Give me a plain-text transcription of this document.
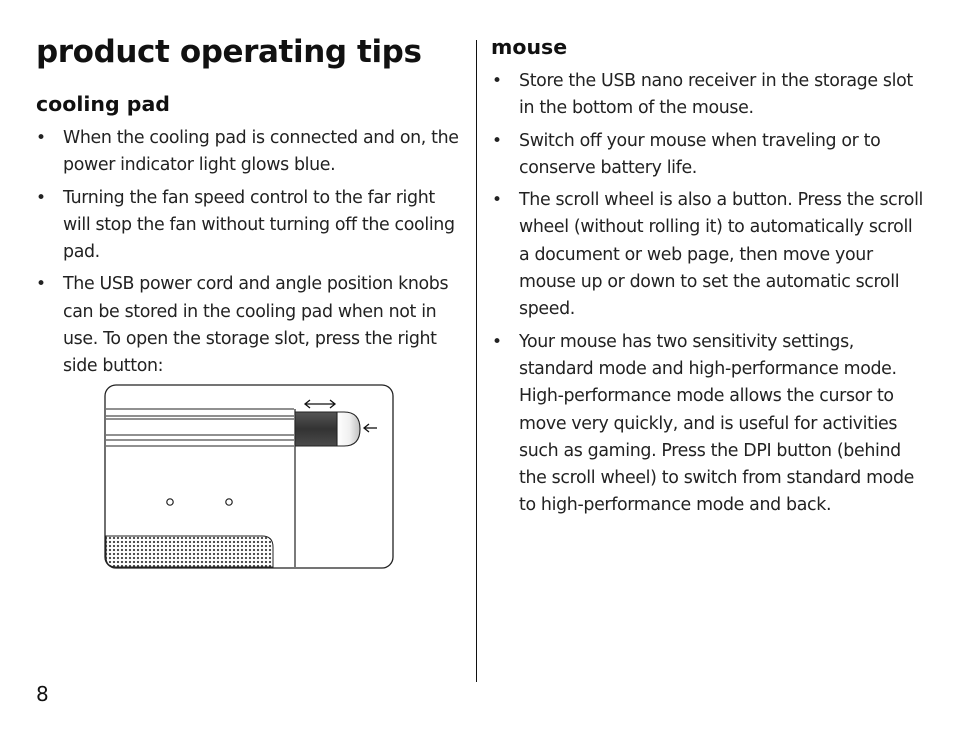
product operating tips
cooling pad
• When the cooling pad is connected and on, the power indicator light glows blue.
• Turning the fan speed control to the far right will stop the fan without turning off the cooling pad.
• The USB power cord and angle position knobs can be stored in the cooling pad when not in use. To open the storage slot, press the right side button:
mouse
• Store the USB nano receiver in the storage slot in the bottom of the mouse.
• Switch off your mouse when traveling or to conserve battery life.
• The scroll wheel is also a button. Press the scroll wheel (without rolling it) to automatically scroll a document or web page, then move your mouse up or down to set the automatic scroll speed.
• Your mouse has two sensitivity settings, standard mode and high-performance mode. High-performance mode allows the cursor to move very quickly, and is useful for activities such as gaming. Press the DPI button (behind the scroll wheel) to switch from standard mode to high-performance mode and back.
8
